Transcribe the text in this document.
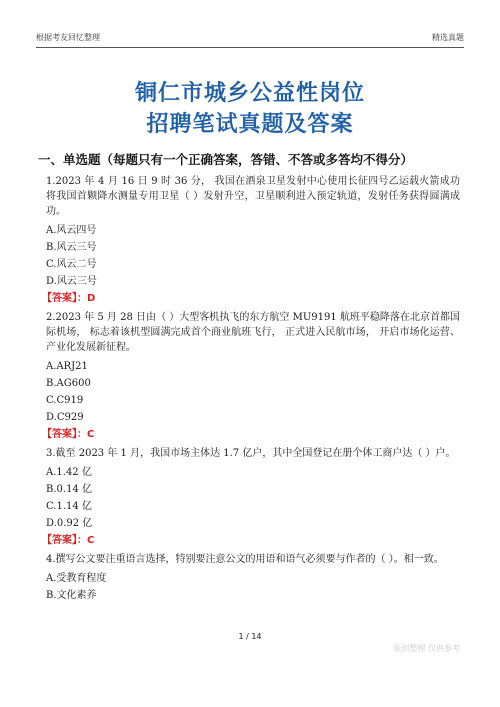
根据考友回忆整理	精选真题
铜仁市城乡公益性岗位
招聘笔试真题及答案
一、单选题（每题只有一个正确答案，答错、不答或多答均不得分）

1.2023 年 4 月 16 日 9 时 36 分， 我国在酒泉卫星发射中心使用长征四号乙运载火箭成功将我国首颗降水测量专用卫星（ ）发射升空，卫星顺利进入预定轨道，发射任务获得圆满成功。

A.风云四号

B.风云三号

C.风云二号

D.风云三号

【答案】：D

2.2023 年 5 月 28 日由（ ）大型客机执飞的东方航空 MU9191 航班平稳降落在北京首都国际机场， 标志着该机型圆满完成首个商业航班飞行， 正式进入民航市场， 开启市场化运营、产业化发展新征程。

A.ARJ21

B.AG600

C.C919

D.C929

【答案】：C

3.截至 2023 年 1 月，我国市场主体达 1.7 亿户，其中全国登记在册个体工商户达（ ）户。

A.1.42 亿

B.0.14 亿

C.1.14 亿

D.0.92 亿

【答案】：C

4.撰写公文要注重语言选择，特别要注意公文的用语和语气必须要与作者的（ ）。相一致。

A.受教育程度

B.文化素养

1 / 14
原创整理 仅供参考
